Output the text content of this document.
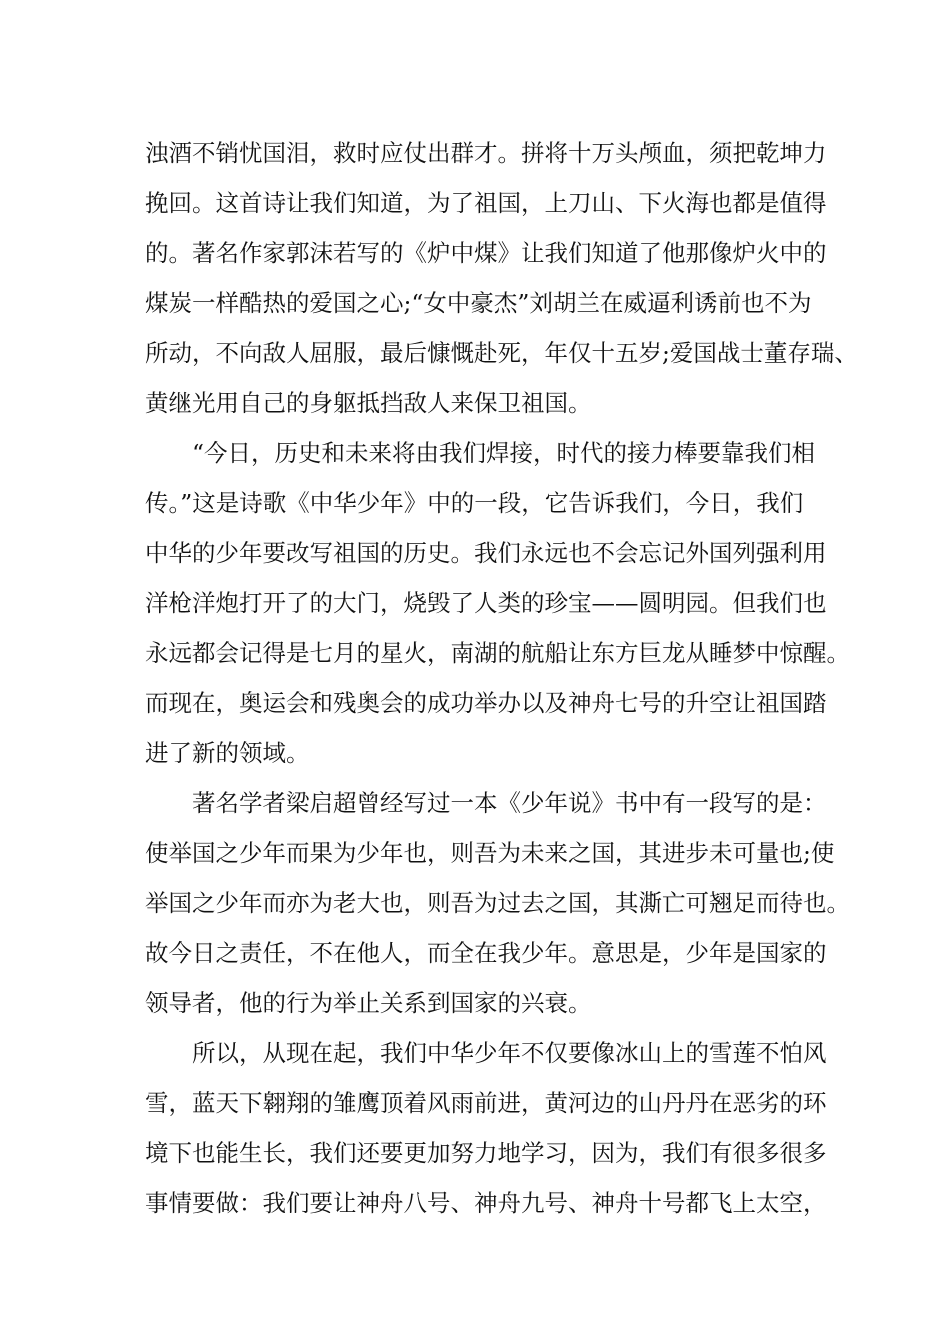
浊酒不销忧国泪，救时应仗出群才。拼将十万头颅血，须把乾坤力
挽回。这首诗让我们知道，为了祖国，上刀山、下火海也都是值得
的。著名作家郭沫若写的《炉中煤》让我们知道了他那像炉火中的
煤炭一样酷热的爱国之心;“女中豪杰”刘胡兰在威逼利诱前也不为
所动，不向敌人屈服，最后慷慨赴死，年仅十五岁;爱国战士董存瑞、
黄继光用自己的身躯抵挡敌人来保卫祖国。
“今日，历史和未来将由我们焊接，时代的接力棒要靠我们相
传。”这是诗歌《中华少年》中的一段，它告诉我们，今日，我们
中华的少年要改写祖国的历史。我们永远也不会忘记外国列强利用
洋枪洋炮打开了的大门，烧毁了人类的珍宝——圆明园。但我们也
永远都会记得是七月的星火，南湖的航船让东方巨龙从睡梦中惊醒。
而现在，奥运会和残奥会的成功举办以及神舟七号的升空让祖国踏
进了新的领域。
著名学者梁启超曾经写过一本《少年说》书中有一段写的是：
使举国之少年而果为少年也，则吾为未来之国，其进步未可量也;使
举国之少年而亦为老大也，则吾为过去之国，其澌亡可翘足而待也。
故今日之责任，不在他人，而全在我少年。意思是，少年是国家的
领导者，他的行为举止关系到国家的兴衰。
所以，从现在起，我们中华少年不仅要像冰山上的雪莲不怕风
雪，蓝天下翱翔的雏鹰顶着风雨前进，黄河边的山丹丹在恶劣的环
境下也能生长，我们还要更加努力地学习，因为，我们有很多很多
事情要做：我们要让神舟八号、神舟九号、神舟十号都飞上太空，
